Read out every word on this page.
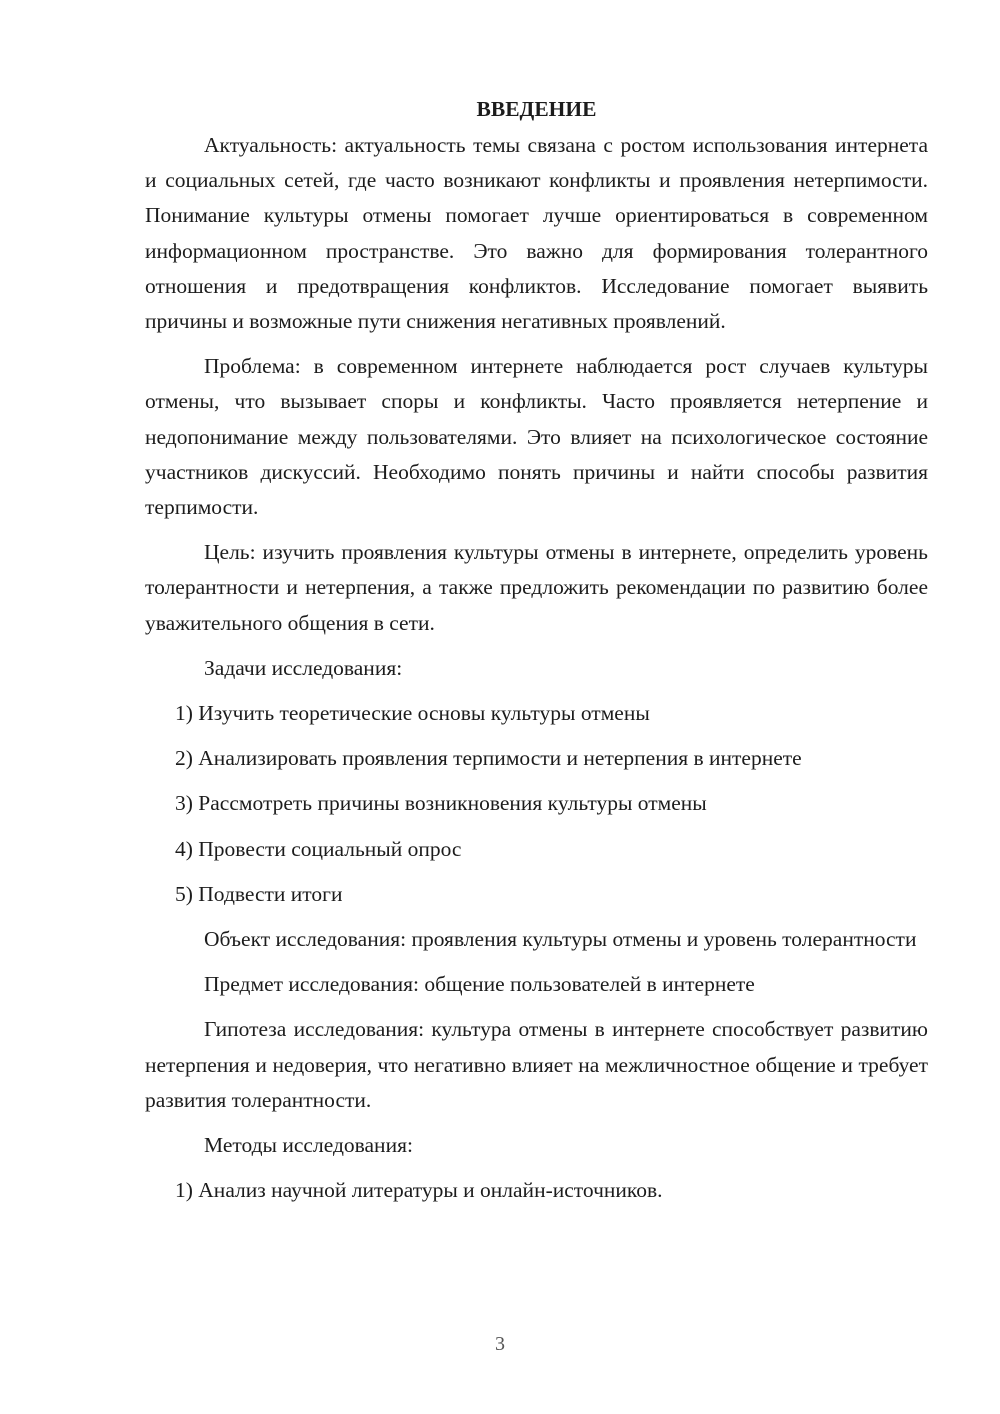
ВВЕДЕНИЕ

Актуальность: актуальность темы связана с ростом использования интернета и социальных сетей, где часто возникают конфликты и проявления нетерпимости. Понимание культуры отмены помогает лучше ориентироваться в современном информационном пространстве. Это важно для формирования толерантного отношения и предотвращения конфликтов. Исследование помогает выявить причины и возможные пути снижения негативных проявлений.

Проблема: в современном интернете наблюдается рост случаев культуры отмены, что вызывает споры и конфликты. Часто проявляется нетерпение и недопонимание между пользователями. Это влияет на психологическое состояние участников дискуссий. Необходимо понять причины и найти способы развития терпимости.

Цель: изучить проявления культуры отмены в интернете, определить уровень толерантности и нетерпения, а также предложить рекомендации по развитию более уважительного общения в сети.

Задачи исследования:

1) Изучить теоретические основы культуры отмены

2) Анализировать проявления терпимости и нетерпения в интернете

3) Рассмотреть причины возникновения культуры отмены

4) Провести социальный опрос

5) Подвести итоги

Объект исследования: проявления культуры отмены и уровень толерантности

Предмет исследования: общение пользователей в интернете

Гипотеза исследования: культура отмены в интернете способствует развитию нетерпения и недоверия, что негативно влияет на межличностное общение и требует развития толерантности.

Методы исследования:

1) Анализ научной литературы и онлайн-источников.

3
